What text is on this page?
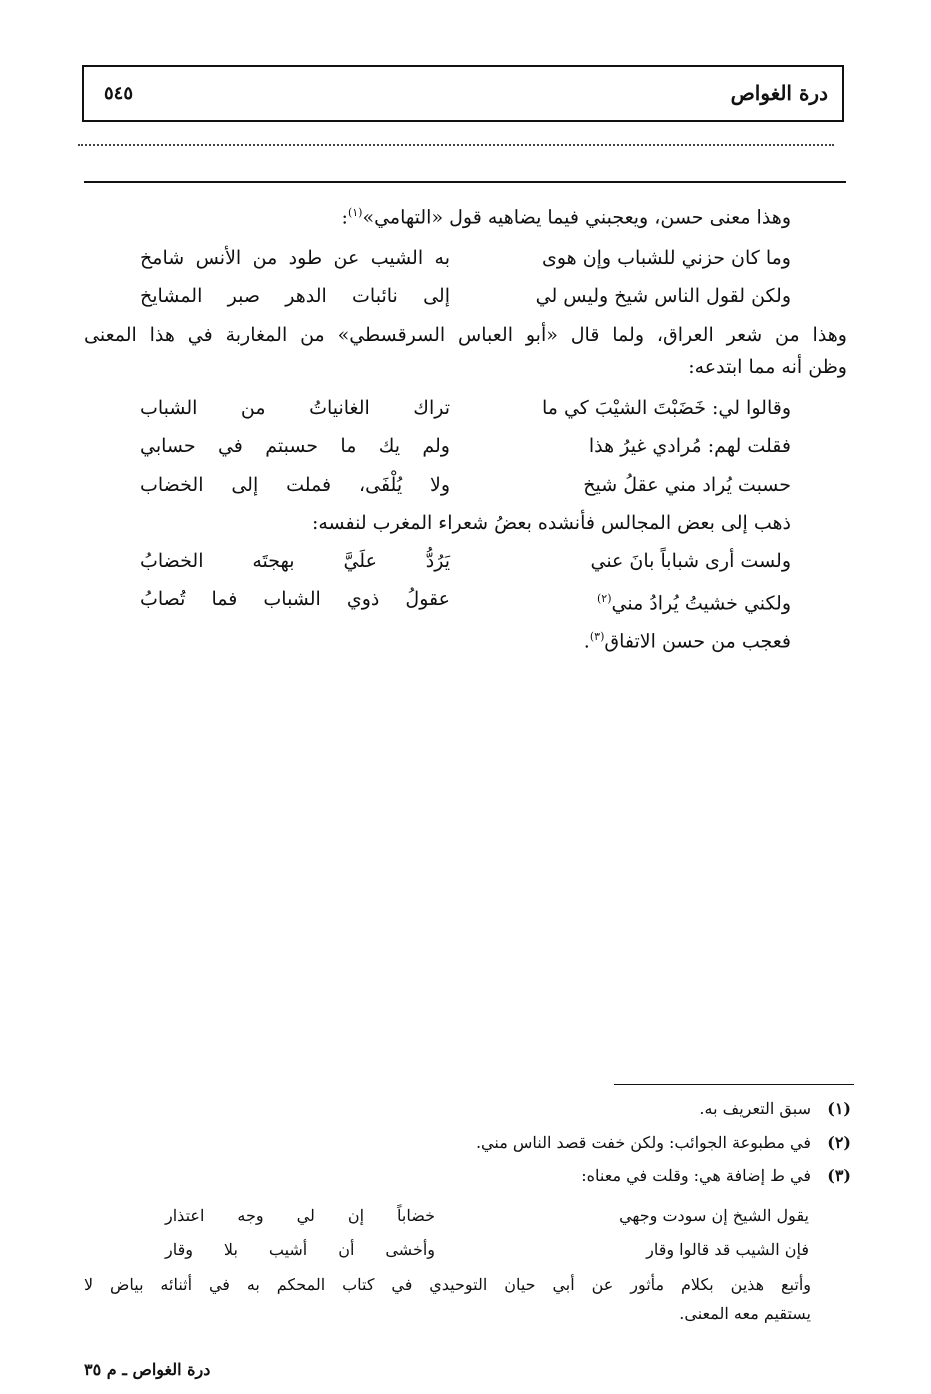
درة الغواص
٥٤٥
وهذا معنى حسن، ويعجبني فيما يضاهيه قول «التهامي»$^{(١)}$:
وما كان حزني للشباب وإن هوى
به الشيب عن طود من الأنس شامخ
ولكن لقول الناس شيخ وليس لي
إلى نائبات الدهر صبر المشايخ
وهذا من شعر العراق، ولما قال «أبو العباس السرقسطي» من المغاربة في هذا المعنى
وظن أنه مما ابتدعه:
وقالوا لي: خَضَبْتَ الشيْبَ كي ما
تراك الغانياتُ من الشباب
فقلت لهم: مُرادي غيرُ هذا
ولم يك ما حسبتم في حسابي
حسبت يُراد مني عقلُ شيخ
ولا يُلْفَى، فملت إلى الخضاب
ذهب إلى بعض المجالس فأنشده بعضُ شعراء المغرب لنفسه:
ولست أرى شباباً بانَ عني
يَرُدُّ علَيَّ بهجتَه الخضابُ
ولكني خشيتُ يُرادُ مني$^{(٢)}$
عقولُ ذوي الشباب فما تُصابُ
فعجب من حسن الاتفاق$^{(٣)}$.
(١)
سبق التعريف به.
(٢)
في مطبوعة الجوائب: ولكن خفت قصد الناس مني.
(٣)
في ط إضافة هي: وقلت في معناه:
يقول الشيخ إن سودت وجهي
خضاباً إن لي وجه اعتذار
فإن الشيب قد قالوا وقار
وأخشى أن أشيب بلا وقار
وأتبع هذين بكلام مأثور عن أبي حيان التوحيدي في كتاب المحكم به في أثنائه بياض لا
يستقيم معه المعنى.
درة الغواص ـ م ٣٥
